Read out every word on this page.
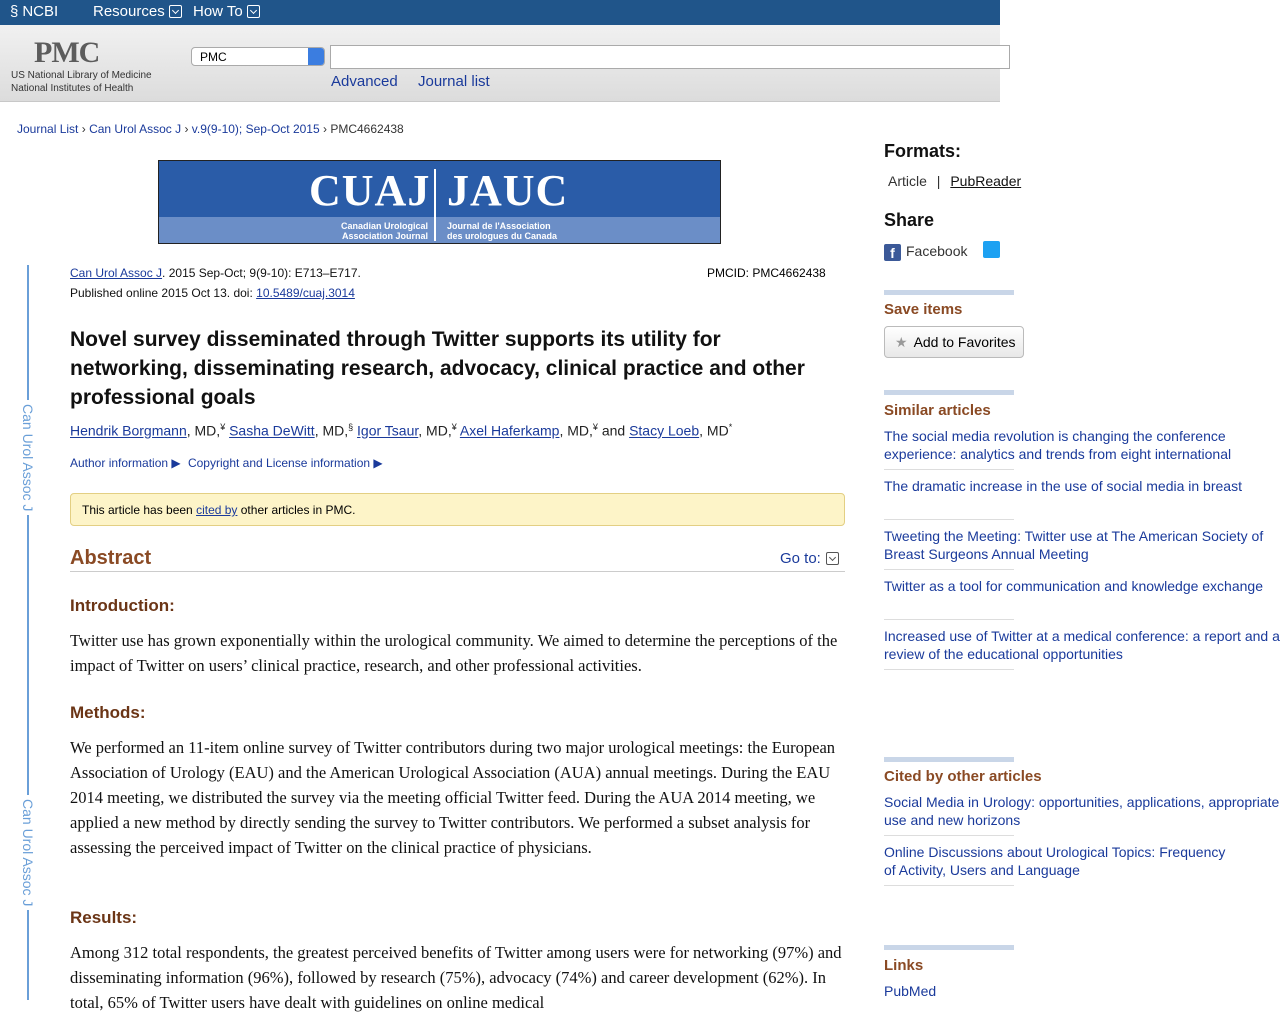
§ NCBI Resources How To
PMC
US National Library of Medicine
National Institutes of Health
PMC
Advanced Journal list
Journal List › Can Urol Assoc J › v.9(9-10); Sep-Oct 2015 › PMC4662438
CUAJ JAUC
Canadian Urological
Association Journal
Journal de l'Association
des urologues du Canada
Can Urol Assoc J
Can Urol Assoc J
Can Urol Assoc J. 2015 Sep-Oct; 9(9-10): E713–E717.	PMCID: PMC4662438
Published online 2015 Oct 13. doi: 10.5489/cuaj.3014
Novel survey disseminated through Twitter supports its utility for networking, disseminating research, advocacy, clinical practice and other professional goals
Hendrik Borgmann, MD,¥ Sasha DeWitt, MD,§ Igor Tsaur, MD,¥ Axel Haferkamp, MD,¥ and Stacy Loeb, MD*
Author information ▶ Copyright and License information ▶
This article has been cited by other articles in PMC.
Abstract	Go to:
Introduction:
Twitter use has grown exponentially within the urological community. We aimed to determine the perceptions of the impact of Twitter on users’ clinical practice, research, and other professional activities.
Methods:
We performed an 11-item online survey of Twitter contributors during two major urological meetings: the European Association of Urology (EAU) and the American Urological Association (AUA) annual meetings. During the EAU 2014 meeting, we distributed the survey via the meeting official Twitter feed. During the AUA 2014 meeting, we applied a new method by directly sending the survey to Twitter contributors. We performed a subset analysis for assessing the perceived impact of Twitter on the clinical practice of physicians.
Results:
Among 312 total respondents, the greatest perceived benefits of Twitter among users were for networking (97%) and disseminating information (96%), followed by research (75%), advocacy (74%) and career development (62%). In total, 65% of Twitter users have dealt with guidelines on online medical
Formats:
Article | PubReader
Share
f Facebook
Save items
★ Add to Favorites
Similar articles
The social media revolution is changing the conference
experience: analytics and trends from eight international
The dramatic increase in the use of social media in breast
Tweeting the Meeting: Twitter use at The American Society of
Breast Surgeons Annual Meeting
Twitter as a tool for communication and knowledge exchange
Increased use of Twitter at a medical conference: a report and a
review of the educational opportunities
Cited by other articles
Social Media in Urology: opportunities, applications, appropriate
use and new horizons
Online Discussions about Urological Topics: Frequency
of Activity, Users and Language
Links
PubMed
